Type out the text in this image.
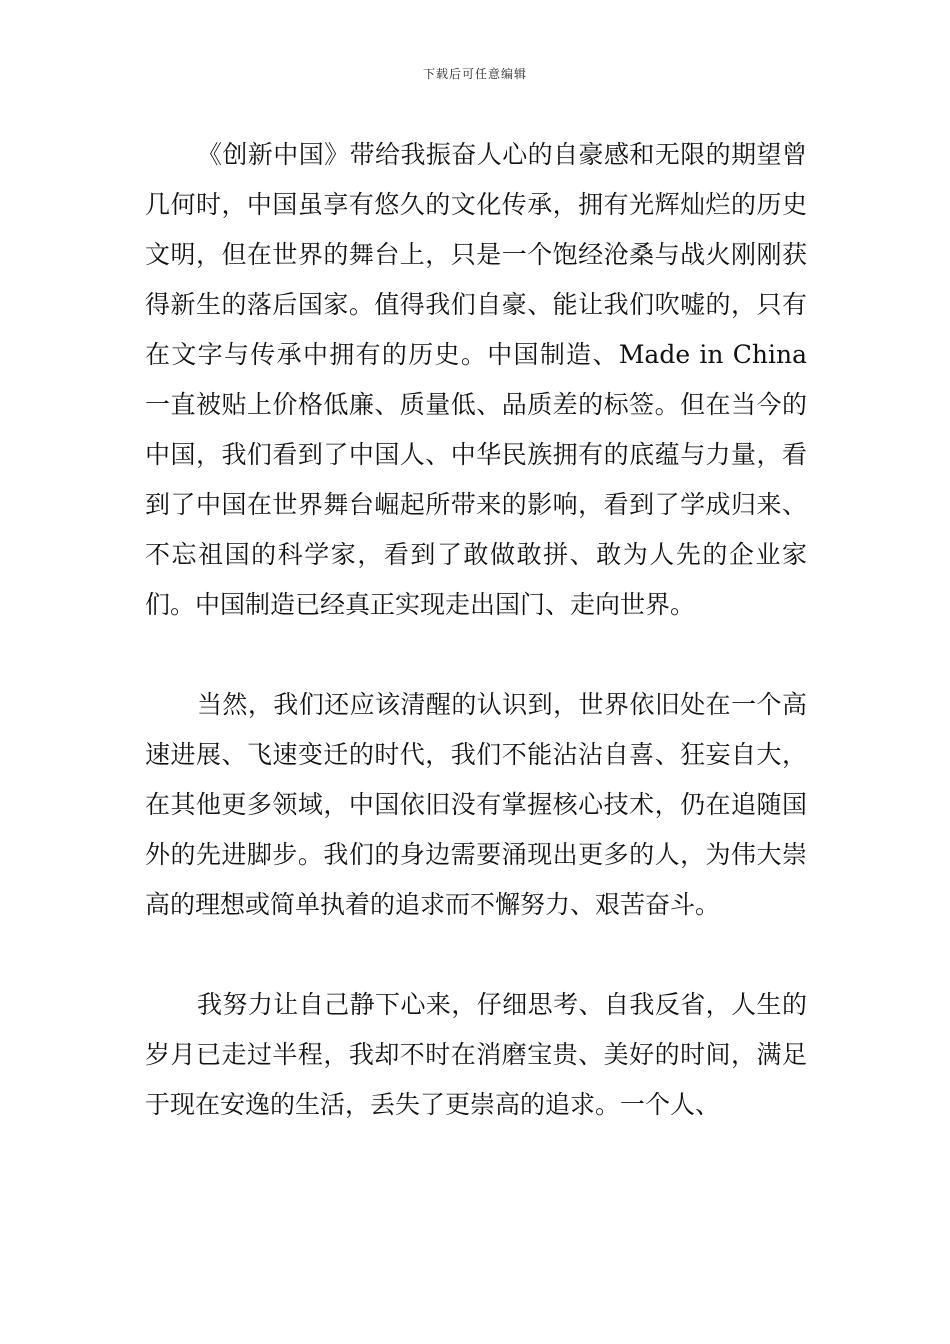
下载后可任意编辑

《创新中国》带给我振奋人心的自豪感和无限的期望曾几何时，中国虽享有悠久的文化传承，拥有光辉灿烂的历史文明，但在世界的舞台上，只是一个饱经沧桑与战火刚刚获得新生的落后国家。值得我们自豪、能让我们吹嘘的，只有在文字与传承中拥有的历史。中国制造、Made in China 一直被贴上价格低廉、质量低、品质差的标签。但在当今的中国，我们看到了中国人、中华民族拥有的底蕴与力量，看到了中国在世界舞台崛起所带来的影响，看到了学成归来、不忘祖国的科学家，看到了敢做敢拼、敢为人先的企业家们。中国制造已经真正实现走出国门、走向世界。

当然，我们还应该清醒的认识到，世界依旧处在一个高速进展、飞速变迁的时代，我们不能沾沾自喜、狂妄自大，在其他更多领域，中国依旧没有掌握核心技术，仍在追随国外的先进脚步。我们的身边需要涌现出更多的人，为伟大崇高的理想或简单执着的追求而不懈努力、艰苦奋斗。

我努力让自己静下心来，仔细思考、自我反省，人生的岁月已走过半程，我却不时在消磨宝贵、美好的时间，满足于现在安逸的生活，丢失了更崇高的追求。一个人、
